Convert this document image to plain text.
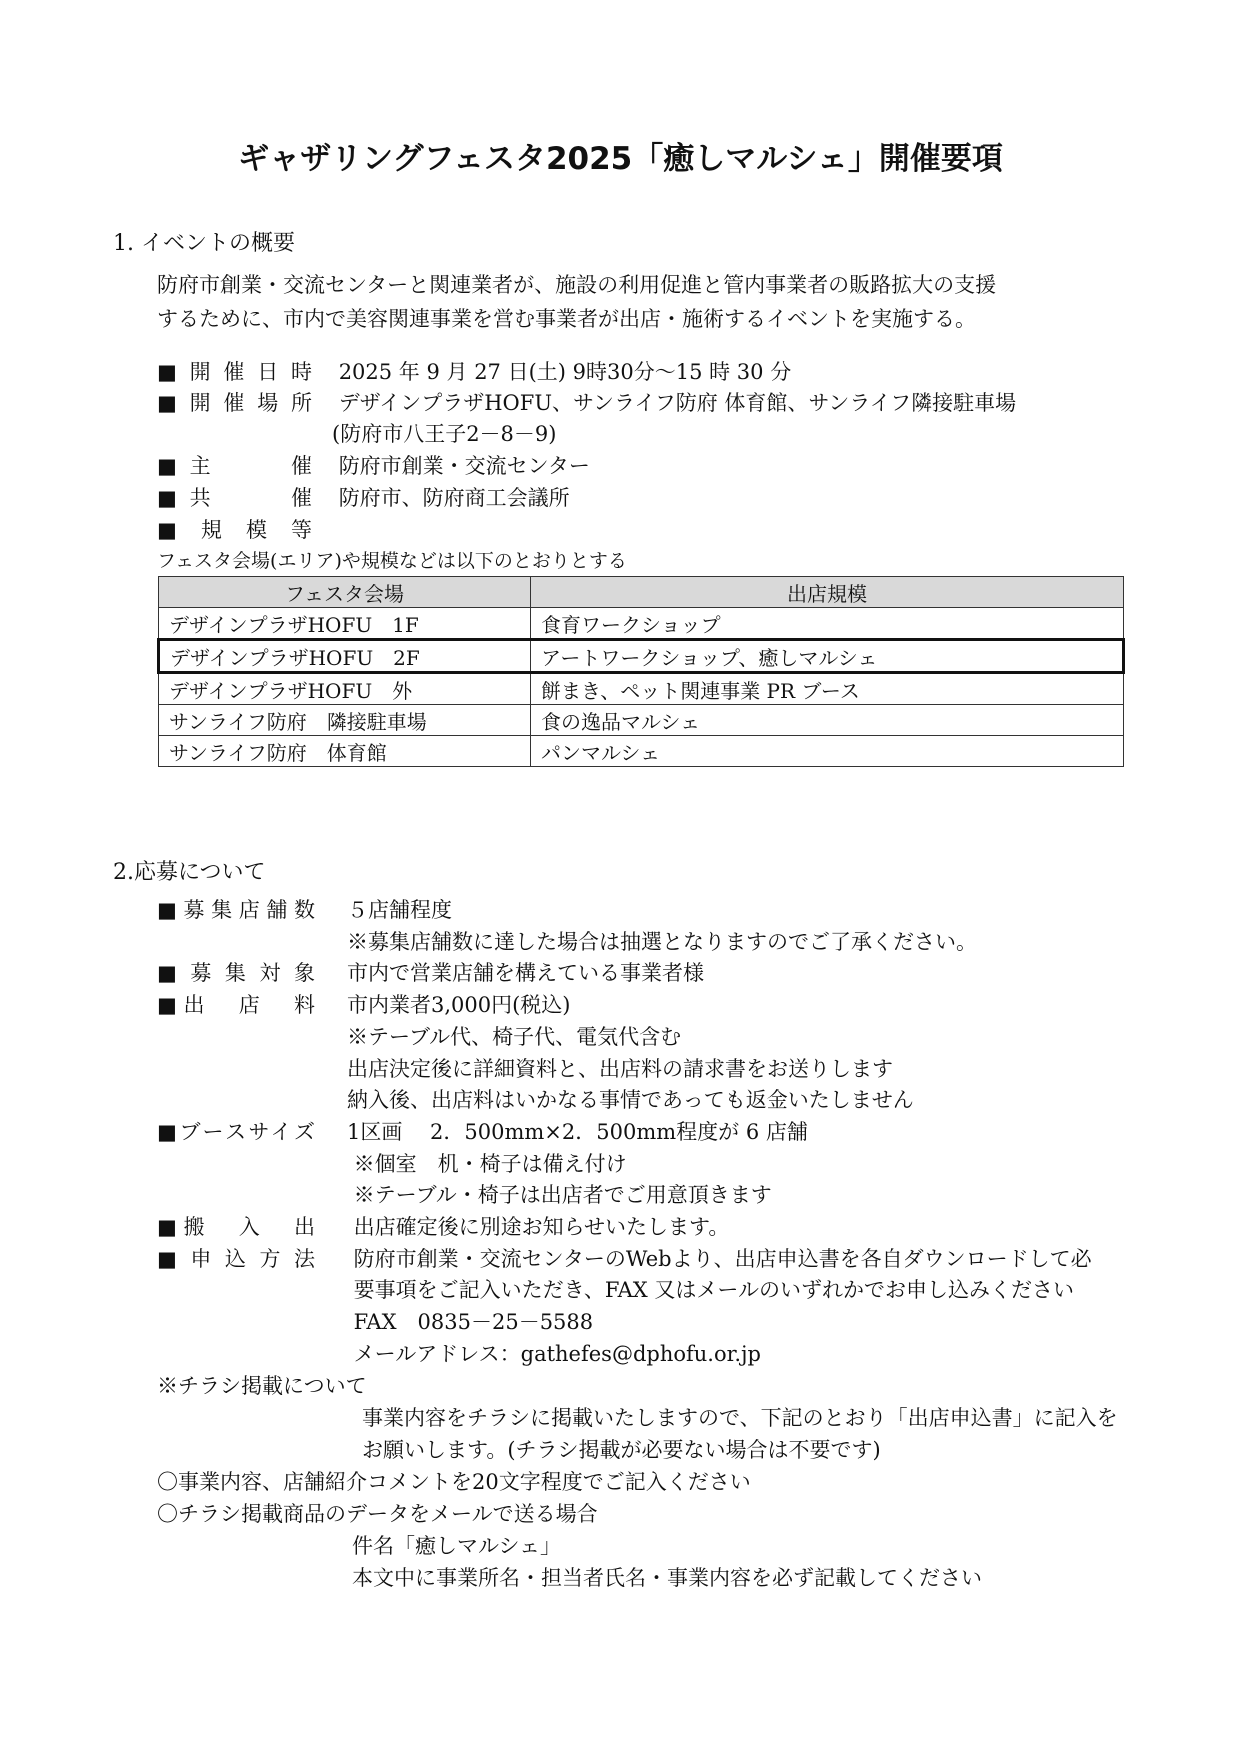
ギャザリングフェスタ2025「癒しマルシェ」開催要項
1. イベントの概要
防府市創業・交流センターと関連業者が、施設の利用促進と管内事業者の販路拡大の支援
するために、市内で美容関連事業を営む事業者が出店・施術するイベントを実施する。
■開催日時 2025 年 9 月 27 日(土) 9時30分～15 時 30 分
■開催場所 デザインプラザHOFU、サンライフ防府 体育館、サンライフ隣接駐車場
(防府市八王子2－8－9)
■主　　催 防府市創業・交流センター
■共　　催 防府市、防府商工会議所
■規模等
フェスタ会場(エリア)や規模などは以下のとおりとする
フェスタ会場	出店規模
デザインプラザHOFU　1F	食育ワークショップ
デザインプラザHOFU　2F	アートワークショップ、癒しマルシェ
デザインプラザHOFU　外	餅まき、ペット関連事業 PR ブース
サンライフ防府　隣接駐車場	食の逸品マルシェ
サンライフ防府　体育館	パンマルシェ
2.応募について
■募集店舗数 ５店舗程度
※募集店舗数に達した場合は抽選となりますのでご了承ください。
■募集対象 市内で営業店舗を構えている事業者様
■出　店　料 市内業者3,000円(税込)
※テーブル代、椅子代、電気代含む
出店決定後に詳細資料と、出店料の請求書をお送りします
納入後、出店料はいかなる事情であっても返金いたしません
■ブースサイズ 1区画　 2．500mm×2．500mm程度が 6 店舗
※個室　机・椅子は備え付け
※テーブル・椅子は出店者でご用意頂きます
■搬　入　出 出店確定後に別途お知らせいたします。
■申込方法 防府市創業・交流センターのWebより、出店申込書を各自ダウンロードして必
要事項をご記入いただき、FAX 又はメールのいずれかでお申し込みください
FAX　0835－25－5588
メールアドレス：gathefes@dphofu.or.jp
※チラシ掲載について
事業内容をチラシに掲載いたしますので、下記のとおり「出店申込書」に記入を
お願いします。(チラシ掲載が必要ない場合は不要です)
〇事業内容、店舗紹介コメントを20文字程度でご記入ください
〇チラシ掲載商品のデータをメールで送る場合
件名「癒しマルシェ」
本文中に事業所名・担当者氏名・事業内容を必ず記載してください
